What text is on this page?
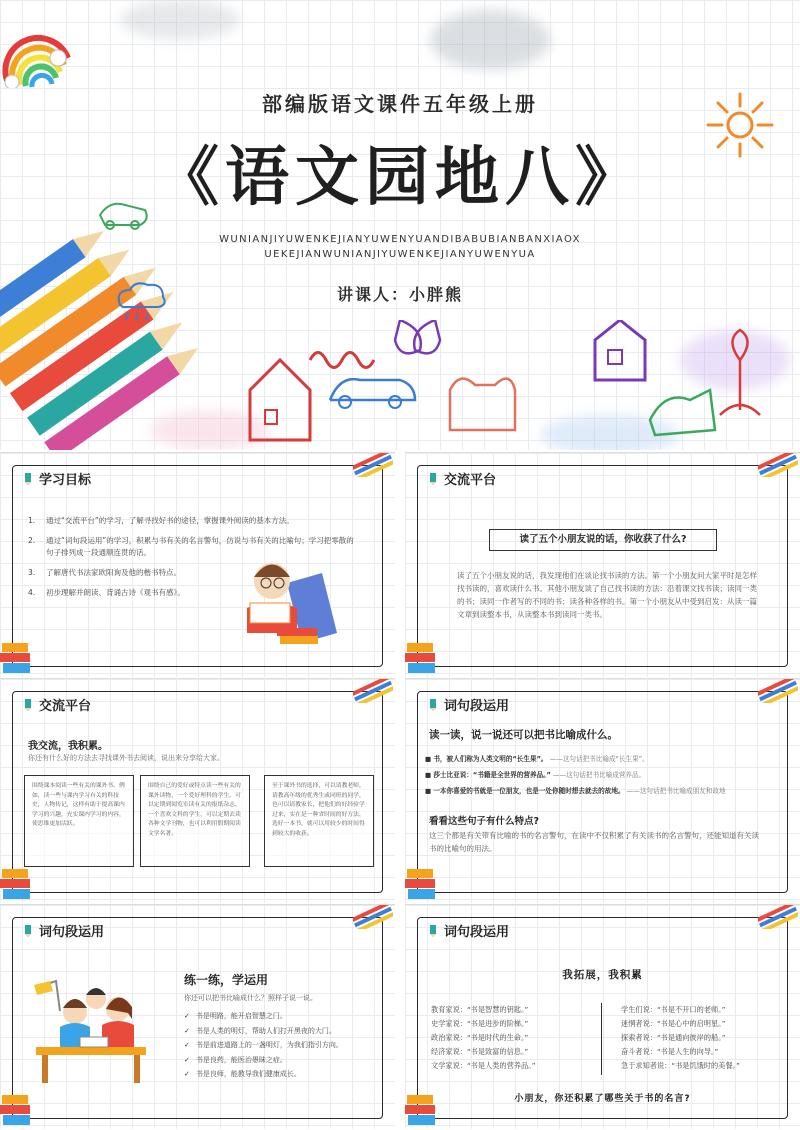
部编版语文课件五年级上册
《语文园地八》
WUNIANJIYUWENKEJIANYUWENYUANDIBABUBIANBANXIAOX
UEKEJIANWUNIANJIYUWENKEJIANYUWENYUA
讲课人：小胖熊
学习目标
1.	通过“交流平台”的学习，了解寻找好书的途径，掌握课外阅读的基本方法。
2.	通过“词句段运用”的学习，积累与书有关的名言警句，仿说与书有关的比喻句；学习把零散的句子排列成一段通顺连贯的话。
3.	了解唐代书法家欧阳询及他的楷书特点。
4.	初步理解并朗读、背诵古诗《观书有感》。
交流平台
读了五个小朋友说的话，你收获了什么?
读了五个小朋友说的话，我发现他们在谈论找书读的方法。第一个小朋友问大家平时是怎样找书读的，喜欢读什么书。其他小朋友谈了自己找书读的方法：沿着课文找书读；读同一类的书；读同一作者写的不同的书；读各种各样的书。第一个小朋友从中受到启发：从读一篇文章到读整本书，从读整本书到读同一类书。
交流平台
我交流，我积累。
你还有什么好的方法去寻找课外书去阅读，说出来分享给大家。
围绕课本阅读一些有关的课外书。例如，读一些与课内学习有关的科技史，人物传记，这样有助于提高课内学习的兴趣，充实课内学习的内容，使思维更加活跃。
围绕自己的爱好或特点读一些有关的课外读物，一个爱好理科的学生，可以定期到阅览室读有关的报纸杂志，一个喜欢文科的学生，可以定期去读各种文学刊物，也可以利用假期阅读文学名著。
至于课外书的选择，可以请教老师，请教高年级的优秀生或同班的同学，也可以请教家长，把他们的好经验学过来，实在是一种省时间的好方法，选好一本书，就可以用较少的时间得到较大的收获。
词句段运用
读一读，说一说还可以把书比喻成什么。
■ 书，被人们称为人类文明的“长生果”。 ——这句话把书比喻成“长生果”。
■ 莎士比亚说：“书籍是全世界的营养品。” ——这句话把书比喻成营养品。
■ 一本你喜爱的书就是一位朋友，也是一处你随时想去就去的故地。 ——这句话把书比喻成朋友和故地
看看这些句子有什么特点?
这三个都是有关带有比喻的书的名言警句，在读中不仅积累了有关读书的名言警句，还能知道有关读书的比喻句的用法。
词句段运用
练一练，学运用
你还可以把书比喻成什么？照样子说一说。
✓ 书是明路，能开启智慧之门。
✓ 书是人类的明灯，帮助人们打开黑夜的大门。
✓ 书是前进道路上的一盏明灯，为我们指引方向。
✓ 书是良药，能医治愚昧之症。
✓ 书是良师，能教导我们健康成长。
词句段运用
我拓展，我积累
教育家说：“书是智慧的钥匙。”
史学家说：“书是进步的阶梯。”
政治家说：“书是时代的生命。”
经济家说：“书是致富的信息。”
文学家说：“书是人类的营养品。”
学生们说：“书是不开口的老师。”
迷惘者说：“书是心中的启明星。”
探索者说：“书是通向彼岸的船。”
奋斗者说：“书是人生的向导。”
急于求知者说：“书是饥饿时的美餐。”
小朋友，你还积累了哪些关于书的名言?
